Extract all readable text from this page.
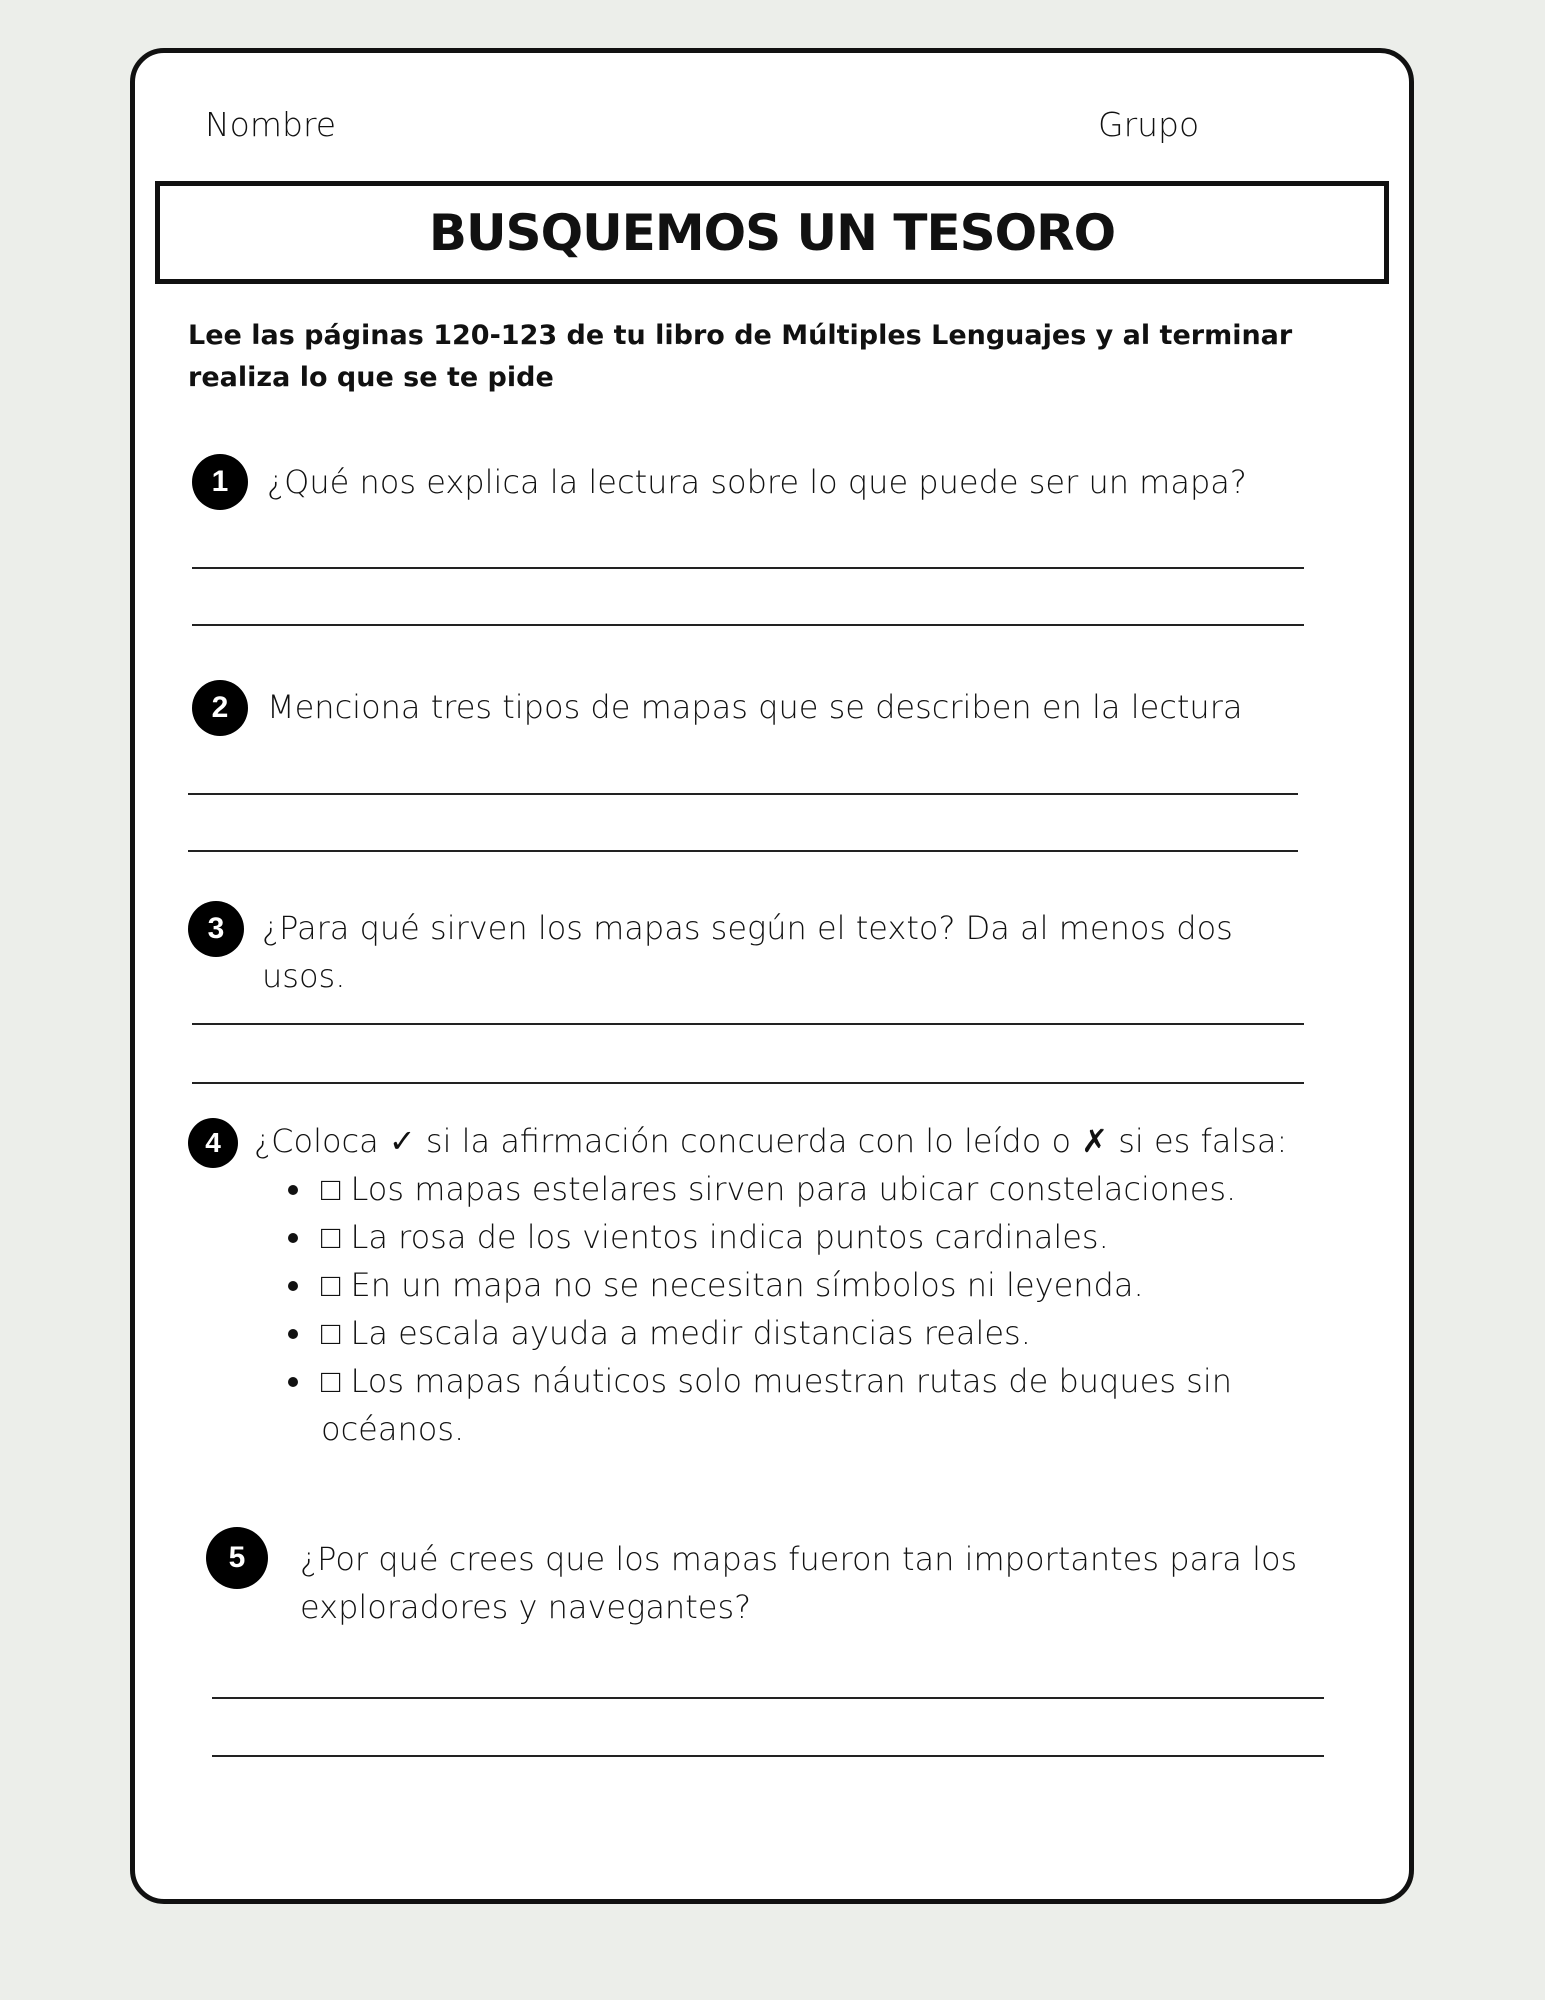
Nombre	Grupo
BUSQUEMOS UN TESORO
Lee las páginas 120-123 de tu libro de Múltiples Lenguajes y al terminar realiza lo que se te pide
1	¿Qué nos explica la lectura sobre lo que puede ser un mapa?
2	Menciona tres tipos de mapas que se describen en la lectura
3	¿Para qué sirven los mapas según el texto? Da al menos dos usos.
4	¿Coloca ✓ si la afirmación concuerda con lo leído o ✗ si es falsa:
• □ Los mapas estelares sirven para ubicar constelaciones.
• □ La rosa de los vientos indica puntos cardinales.
• □ En un mapa no se necesitan símbolos ni leyenda.
• □ La escala ayuda a medir distancias reales.
• □ Los mapas náuticos solo muestran rutas de buques sin océanos.
5	¿Por qué crees que los mapas fueron tan importantes para los exploradores y navegantes?
